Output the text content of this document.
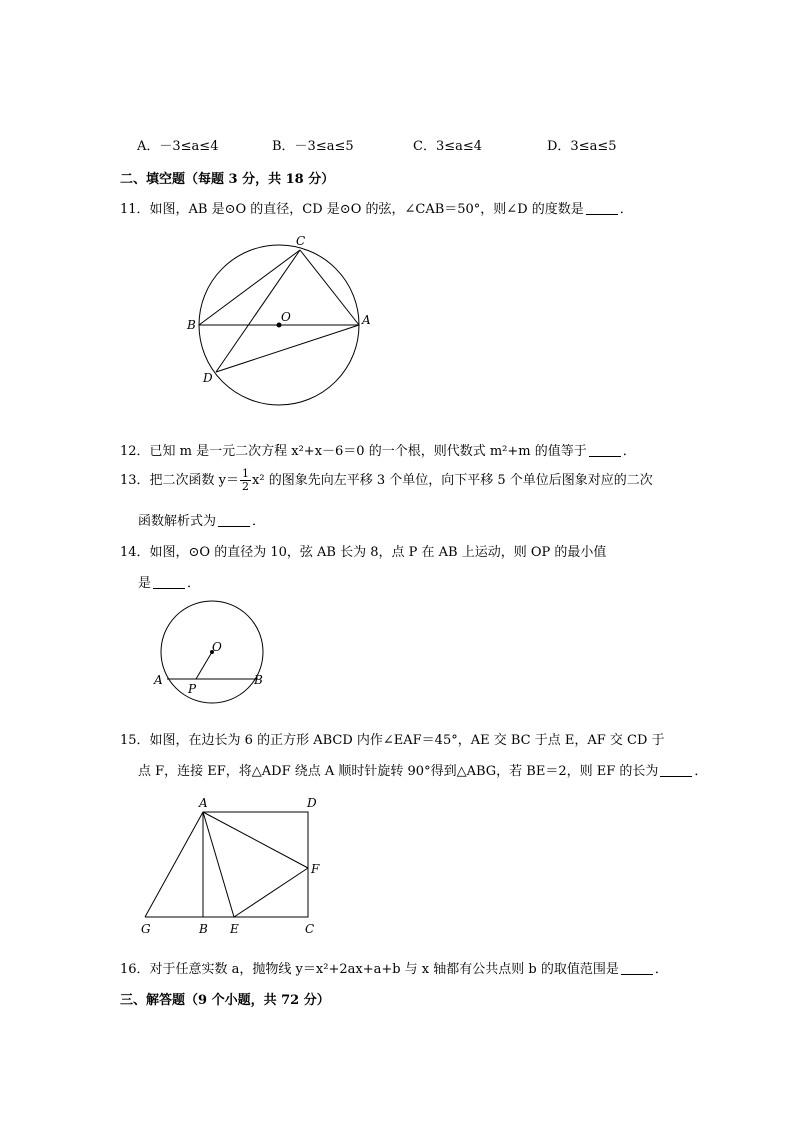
A．－3≤a≤4	B．－3≤a≤5	C．3≤a≤4	D．3≤a≤5
二、填空题（每题 3 分，共 18 分）
11．如图，AB 是⊙O 的直径，CD 是⊙O 的弦，∠CAB＝50°，则∠D 的度数是	．
C
B
O	A
D
12．已知 m 是一元二次方程 x²+x－6＝0 的一个根，则代数式 m²+m 的值等于	．
13．把二次函数 $y= \frac{1}{2} x^2$ 的图象先向左平移 3 个单位，向下平移 5 个单位后图象对应的二次
函数解析式为	．
14．如图，⊙O 的直径为 10，弦 AB 长为 8，点 P 在 AB 上运动，则 OP 的最小值
是	．
O
A
P
B
15．如图，在边长为 6 的正方形 ABCD 内作∠EAF＝45°，AE 交 BC 于点 E，AF 交 CD 于
点 F，连接 EF，将△ADF 绕点 A 顺时针旋转 90°得到△ABG，若 BE＝2，则 EF 的长为	．
A	D
F
G	B E	C
16．对于任意实数 a，抛物线 y＝x²+2ax+a+b 与 x 轴都有公共点则 b 的取值范围是	．
三、解答题（9 个小题，共 72 分）
